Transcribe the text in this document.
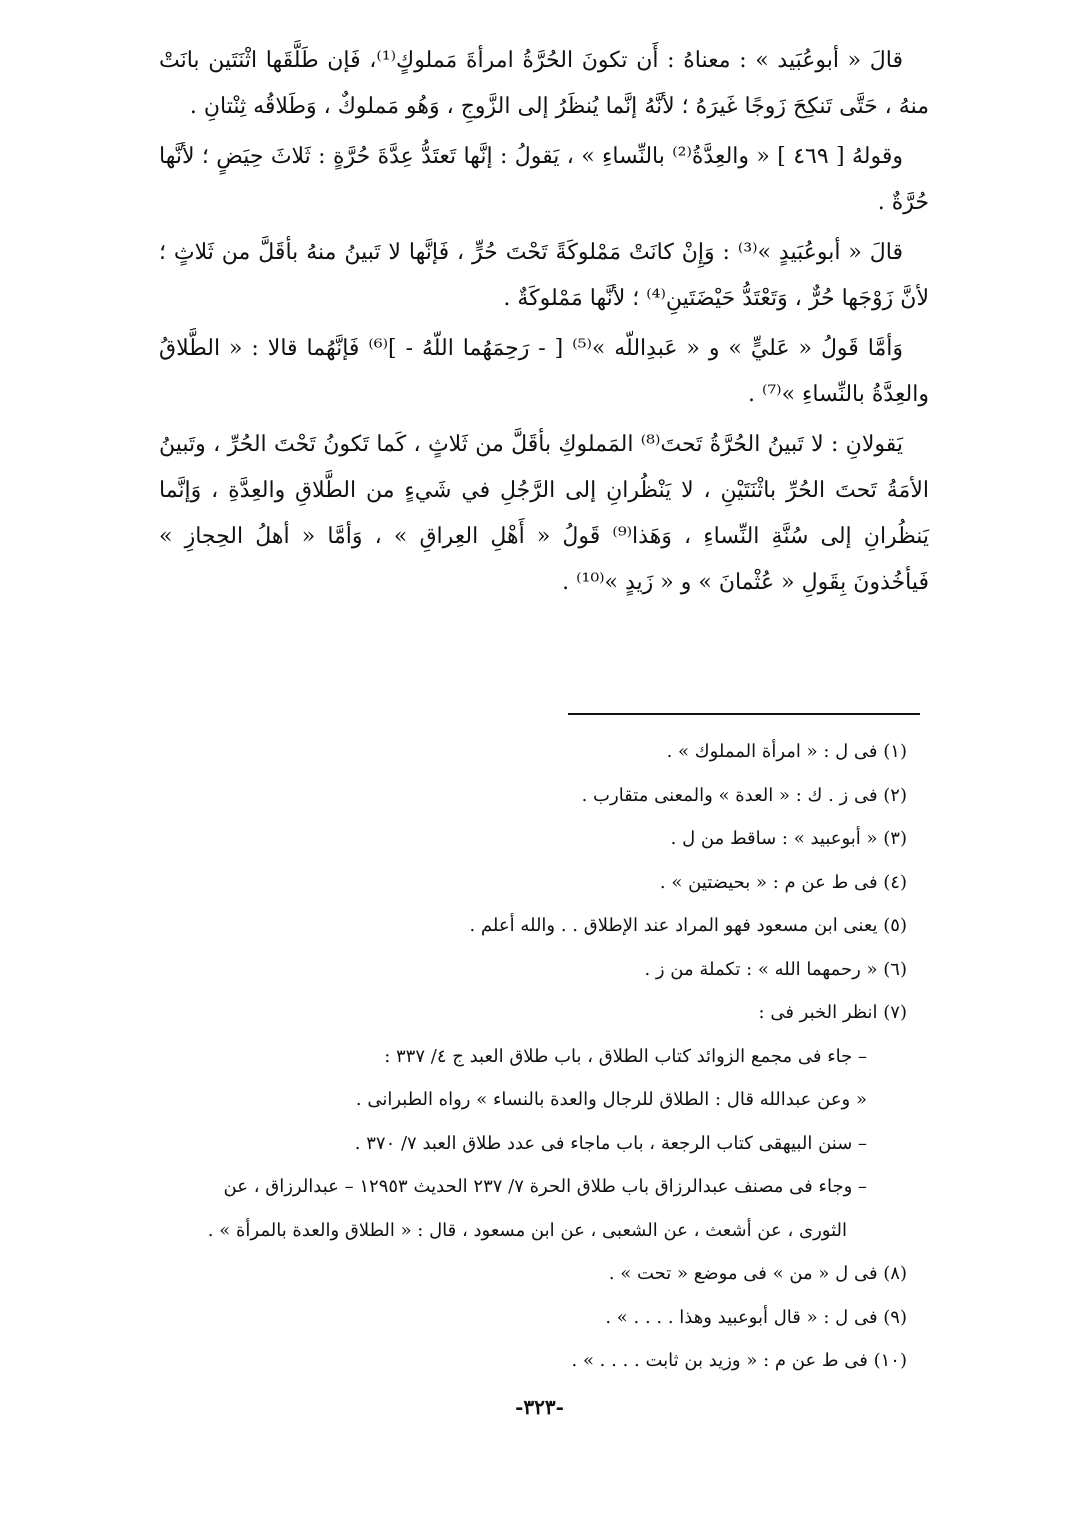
قالَ « أبوعُبَيد » : معناهُ : أَن تكونَ الحُرَّةُ امرأةَ مَملوكٍ⁽¹⁾، فَإن طَلَّقَها اثْنَتَين بانَتْ منهُ ، حَتَّى تَنكِحَ زَوجًا غَيرَهُ ؛ لأنَّهُ إنَّما يُنظَرُ إلى الزَّوجِ ، وَهُو مَملوكٌ ، وَطَلاقُه ثِنْتانِ .

وقولهُ [ ٤٦٩ ] « والعِدَّةُ⁽²⁾ بالنِّساءِ » ، يَقولُ : إنَّها تَعتَدُّ عِدَّةَ حُرَّةٍ : ثَلاثَ حِيَضٍ ؛ لأنَّها حُرَّةٌ .

قالَ « أبوعُبَيدٍ »⁽³⁾ : وَإِنْ كانَتْ مَمْلوكَةً تَحْتَ حُرٍّ ، فَإنَّها لا تَبينُ منهُ بأقَلَّ من ثَلاثٍ ؛ لأنَّ زَوْجَها حُرٌّ ، وَتَعْتَدُّ حَيْضَتَينِ⁽⁴⁾ ؛ لأنَّها مَمْلوكَةٌ .

وَأمَّا قَولُ « عَليٍّ » و « عَبدِاللّه »⁽⁵⁾ [ - رَحِمَهُما اللّهُ - ]⁽⁶⁾ فَإنَّهُما قالا : « الطَّلاقُ والعِدَّةُ بالنِّساءِ »⁽⁷⁾ .

يَقولانِ : لا تَبينُ الحُرَّةُ تَحتَ⁽⁸⁾ المَملوكِ بأقَلَّ من ثَلاثٍ ، كَما تَكونُ تَحْتَ الحُرِّ ، وتَبينُ الأمَةُ تَحتَ الحُرِّ باثْنَتَيْنِ ، لا يَنْظُرانِ إلى الرَّجُلِ في شَيءٍ من الطَّلاقِ والعِدَّةِ ، وَإنَّما يَنظُرانِ إلى سُنَّةِ النِّساءِ ، وَهَذا⁽⁹⁾ قَولُ « أَهْلِ العِراقِ » ، وَأمَّا « أهلُ الحِجازِ » فَيأخُذونَ بِقَولِ « عُثْمانَ » و « زَيدٍ »⁽¹⁰⁾ .

(١) فى ل : « امرأة المملوك » .

(٢) فى ز . ك : « العدة » والمعنى متقارب .

(٣) « أبوعبيد » : ساقط من ل .

(٤) فى ط عن م : « بحيضتين » .

(٥) يعنى ابن مسعود فهو المراد عند الإطلاق . . والله أعلم .

(٦) « رحمهما الله » : تكملة من ز .

(٧) انظر الخبر فى :

– جاء فى مجمع الزوائد كتاب الطلاق ، باب طلاق العبد ج ٤/ ٣٣٧ :

« وعن عبدالله قال : الطلاق للرجال والعدة بالنساء » رواه الطبرانى .

– سنن البيهقى كتاب الرجعة ، باب ماجاء فى عدد طلاق العبد ٧/ ٣٧٠ .

– وجاء فى مصنف عبدالرزاق باب طلاق الحرة ٧/ ٢٣٧ الحديث ١٢٩٥٣ – عبدالرزاق ، عن

الثورى ، عن أشعث ، عن الشعبى ، عن ابن مسعود ، قال : « الطلاق والعدة بالمرأة » .

(٨) فى ل « من » فى موضع « تحت » .

(٩) فى ل : « قال أبوعبيد وهذا . . . . » .

(١٠) فى ط عن م : « وزيد بن ثابت . . . . » .

-٣٢٣-
